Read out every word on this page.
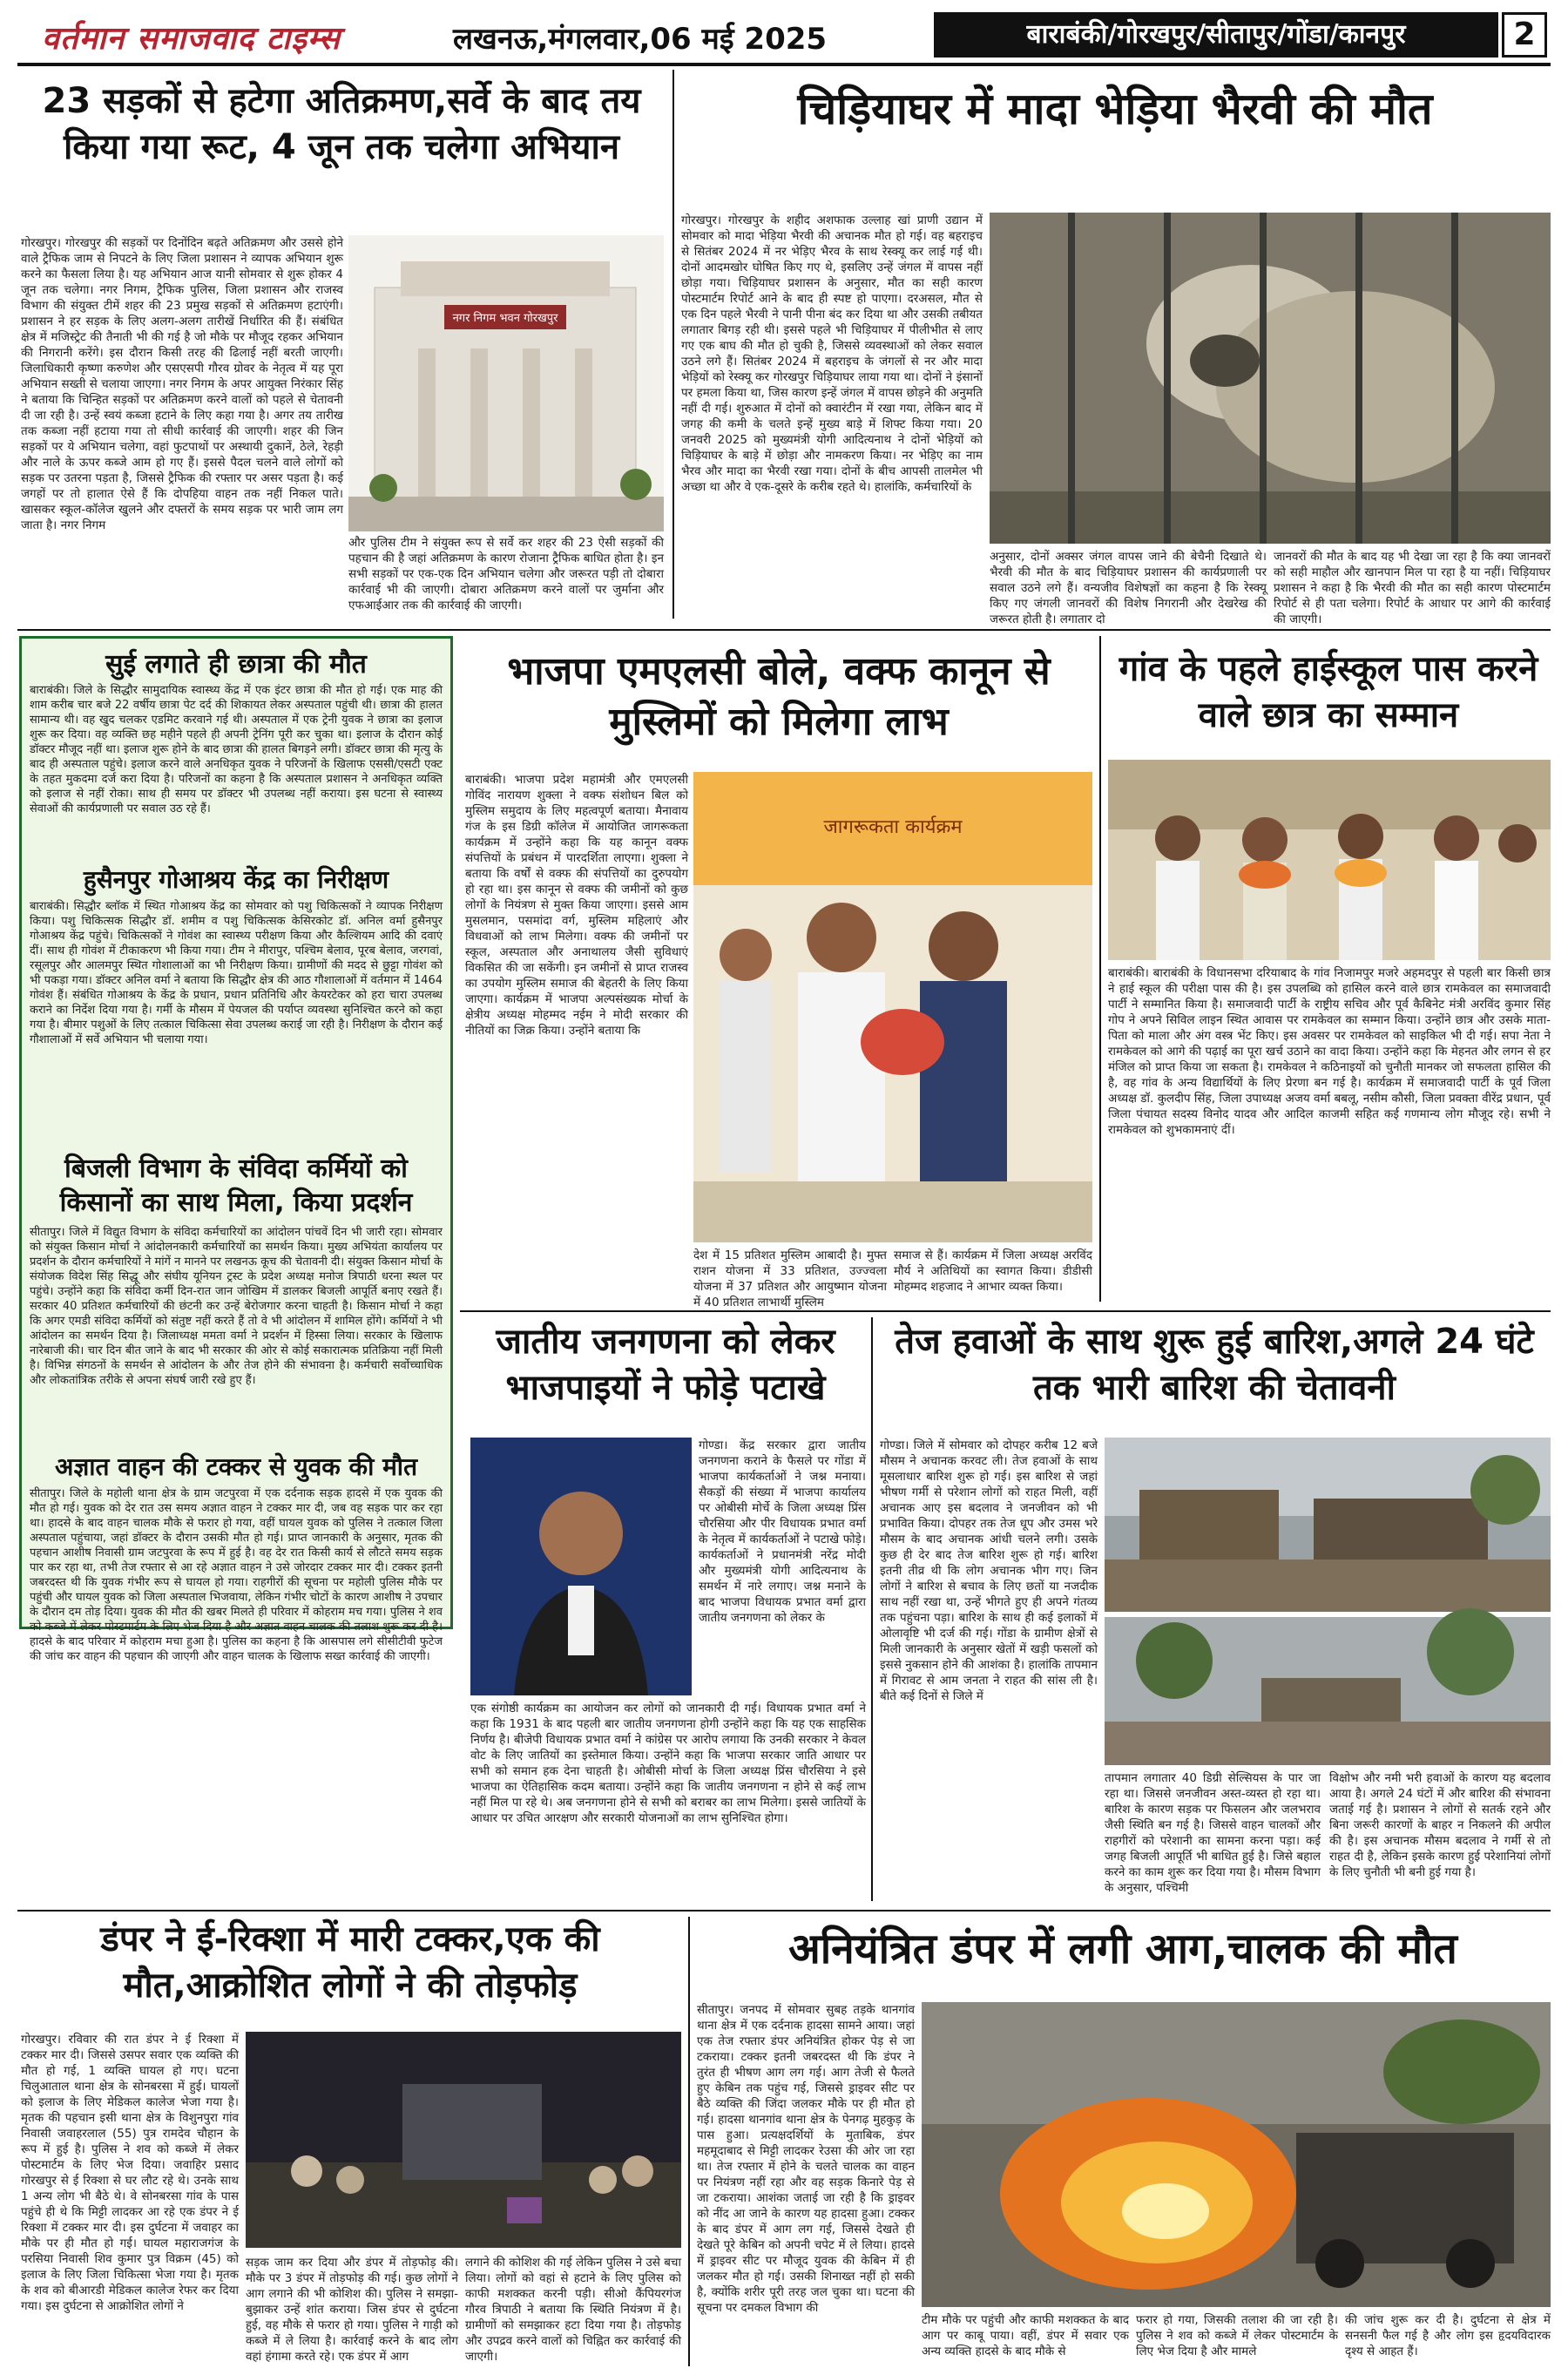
वर्तमान समाजवाद टाइम्स	लखनऊ,मंगलवार,06 मई 2025	बाराबंकी/गोरखपुर/सीतापुर/गोंडा/कानपुर	2
23 सड़कों से हटेगा अतिक्रमण,सर्वे के बाद तय किया गया रूट, 4 जून तक चलेगा अभियान
गोरखपुर। गोरखपुर की सड़कों पर दिनोंदिन बढ़ते अतिक्रमण और उससे होने वाले ट्रैफिक जाम से निपटने के लिए जिला प्रशासन ने व्यापक अभियान शुरू करने का फैसला लिया है। यह अभियान आज यानी सोमवार से शुरू होकर 4 जून तक चलेगा। नगर निगम, ट्रैफिक पुलिस, जिला प्रशासन और राजस्व विभाग की संयुक्त टीमें शहर की 23 प्रमुख सड़कों से अतिक्रमण हटाएंगी। प्रशासन ने हर सड़क के लिए अलग-अलग तारीखें निर्धारित की हैं। संबंधित क्षेत्र में मजिस्ट्रेट की तैनाती भी की गई है जो मौके पर मौजूद रहकर अभियान की निगरानी करेंगे। इस दौरान किसी तरह की ढिलाई नहीं बरती जाएगी। जिलाधिकारी कृष्णा करुणेश और एसएसपी गौरव ग्रोवर के नेतृत्व में यह पूरा अभियान सख्ती से चलाया जाएगा। नगर निगम के अपर आयुक्त निरंकार सिंह ने बताया कि चिन्हित सड़कों पर अतिक्रमण करने वालों को पहले से चेतावनी दी जा रही है। उन्हें स्वयं कब्जा हटाने के लिए कहा गया है। अगर तय तारीख तक कब्जा नहीं हटाया गया तो सीधी कार्रवाई की जाएगी। शहर की जिन सड़कों पर ये अभियान चलेगा, वहां फुटपाथों पर अस्थायी दुकानें, ठेले, रेहड़ी और नाले के ऊपर कब्जे आम हो गए हैं। इससे पैदल चलने वाले लोगों को सड़क पर उतरना पड़ता है, जिससे ट्रैफिक की रफ्तार पर असर पड़ता है। कई जगहों पर तो हालात ऐसे हैं कि दोपहिया वाहन तक नहीं निकल पाते। खासकर स्कूल-कॉलेज खुलने और दफ्तरों के समय सड़क पर भारी जाम लग जाता है। नगर निगम
नगर निगम भवन गोरखपुर
और पुलिस टीम ने संयुक्त रूप से सर्वे कर शहर की 23 ऐसी सड़कों की पहचान की है जहां अतिक्रमण के कारण रोजाना ट्रैफिक बाधित होता है। इन सभी सड़कों पर एक-एक दिन अभियान चलेगा और जरूरत पड़ी तो दोबारा कार्रवाई भी की जाएगी। दोबारा अतिक्रमण करने वालों पर जुर्माना और एफआईआर तक की कार्रवाई की जाएगी।
चिड़ियाघर में मादा भेड़िया भैरवी की मौत
गोरखपुर। गोरखपुर के शहीद अशफाक उल्लाह खां प्राणी उद्यान में सोमवार को मादा भेड़िया भैरवी की अचानक मौत हो गई। वह बहराइच से सितंबर 2024 में नर भेड़िए भैरव के साथ रेस्क्यू कर लाई गई थी। दोनों आदमखोर घोषित किए गए थे, इसलिए उन्हें जंगल में वापस नहीं छोड़ा गया। चिड़ियाघर प्रशासन के अनुसार, मौत का सही कारण पोस्टमार्टम रिपोर्ट आने के बाद ही स्पष्ट हो पाएगा। दरअसल, मौत से एक दिन पहले भैरवी ने पानी पीना बंद कर दिया था और उसकी तबीयत लगातार बिगड़ रही थी। इससे पहले भी चिड़ियाघर में पीलीभीत से लाए गए एक बाघ की मौत हो चुकी है, जिससे व्यवस्थाओं को लेकर सवाल उठने लगे हैं। सितंबर 2024 में बहराइच के जंगलों से नर और मादा भेड़ियों को रेस्क्यू कर गोरखपुर चिड़ियाघर लाया गया था। दोनों ने इंसानों पर हमला किया था, जिस कारण इन्हें जंगल में वापस छोड़ने की अनुमति नहीं दी गई। शुरुआत में दोनों को क्वारंटीन में रखा गया, लेकिन बाद में जगह की कमी के चलते इन्हें मुख्य बाड़े में शिफ्ट किया गया। 20 जनवरी 2025 को मुख्यमंत्री योगी आदित्यनाथ ने दोनों भेड़ियों को चिड़ियाघर के बाड़े में छोड़ा और नामकरण किया। नर भेड़िए का नाम भैरव और मादा का भैरवी रखा गया। दोनों के बीच आपसी तालमेल भी अच्छा था और वे एक-दूसरे के करीब रहते थे। हालांकि, कर्मचारियों के
अनुसार, दोनों अक्सर जंगल वापस जाने की बेचैनी दिखाते थे। भैरवी की मौत के बाद चिड़ियाघर प्रशासन की कार्यप्रणाली पर सवाल उठने लगे हैं। वन्यजीव विशेषज्ञों का कहना है कि रेस्क्यू किए गए जंगली जानवरों की विशेष निगरानी और देखरेख की जरूरत होती है। लगातार दो
जानवरों की मौत के बाद यह भी देखा जा रहा है कि क्या जानवरों को सही माहौल और खानपान मिल पा रहा है या नहीं। चिड़ियाघर प्रशासन ने कहा है कि भैरवी की मौत का सही कारण पोस्टमार्टम रिपोर्ट से ही पता चलेगा। रिपोर्ट के आधार पर आगे की कार्रवाई की जाएगी।
सुई लगाते ही छात्रा की मौत
बाराबंकी। जिले के सिद्धौर सामुदायिक स्वास्थ्य केंद्र में एक इंटर छात्रा की मौत हो गई। एक माह की शाम करीब चार बजे 22 वर्षीय छात्रा पेट दर्द की शिकायत लेकर अस्पताल पहुंची थी। छात्रा की हालत सामान्य थी। वह खुद चलकर एडमिट करवाने गई थी। अस्पताल में एक ट्रेनी युवक ने छात्रा का इलाज शुरू कर दिया। वह व्यक्ति छह महीने पहले ही अपनी ट्रेनिंग पूरी कर चुका था। इलाज के दौरान कोई डॉक्टर मौजूद नहीं था। इलाज शुरू होने के बाद छात्रा की हालत बिगड़ने लगी। डॉक्टर छात्रा की मृत्यु के बाद ही अस्पताल पहुंचे। इलाज करने वाले अनधिकृत युवक ने परिजनों के खिलाफ एससी/एसटी एक्ट के तहत मुकदमा दर्ज करा दिया है। परिजनों का कहना है कि अस्पताल प्रशासन ने अनधिकृत व्यक्ति को इलाज से नहीं रोका। साथ ही समय पर डॉक्टर भी उपलब्ध नहीं कराया। इस घटना से स्वास्थ्य सेवाओं की कार्यप्रणाली पर सवाल उठ रहे हैं।
हुसैनपुर गोआश्रय केंद्र का निरीक्षण
बाराबंकी। सिद्धौर ब्लॉक में स्थित गोआश्रय केंद्र का सोमवार को पशु चिकित्सकों ने व्यापक निरीक्षण किया। पशु चिकित्सक सिद्धौर डॉ. शमीम व पशु चिकित्सक केसिरकोट डॉ. अनिल वर्मा हुसैनपुर गोआश्रय केंद्र पहुंचे। चिकित्सकों ने गोवंश का स्वास्थ्य परीक्षण किया और कैल्शियम आदि की दवाएं दीं। साथ ही गोवंश में टीकाकरण भी किया गया। टीम ने मीरापुर, पश्चिम बेलाव, पूरब बेलाव, जरगवां, रसूलपुर और आलमपुर स्थित गोशालाओं का भी निरीक्षण किया। ग्रामीणों की मदद से छुट्टा गोवंश को भी पकड़ा गया। डॉक्टर अनिल वर्मा ने बताया कि सिद्धौर क्षेत्र की आठ गौशालाओं में वर्तमान में 1464 गोवंश हैं। संबंधित गोआश्रय के केंद्र के प्रधान, प्रधान प्रतिनिधि और केयरटेकर को हरा चारा उपलब्ध कराने का निर्देश दिया गया है। गर्मी के मौसम में पेयजल की पर्याप्त व्यवस्था सुनिश्चित करने को कहा गया है। बीमार पशुओं के लिए तत्काल चिकित्सा सेवा उपलब्ध कराई जा रही है। निरीक्षण के दौरान कई गौशालाओं में सर्वे अभियान भी चलाया गया।
बिजली विभाग के संविदा कर्मियों को किसानों का साथ मिला, किया प्रदर्शन
सीतापुर। जिले में विद्युत विभाग के संविदा कर्मचारियों का आंदोलन पांचवें दिन भी जारी रहा। सोमवार को संयुक्त किसान मोर्चा ने आंदोलनकारी कर्मचारियों का समर्थन किया। मुख्य अभियंता कार्यालय पर प्रदर्शन के दौरान कर्मचारियों ने मांगें न मानने पर लखनऊ कूच की चेतावनी दी। संयुक्त किसान मोर्चा के संयोजक विदेश सिंह सिद्धू और संघीय यूनियन ट्रस्ट के प्रदेश अध्यक्ष मनोज त्रिपाठी धरना स्थल पर पहुंचे। उन्होंने कहा कि संविदा कर्मी दिन-रात जान जोखिम में डालकर बिजली आपूर्ति बनाए रखते हैं। सरकार 40 प्रतिशत कर्मचारियों की छंटनी कर उन्हें बेरोजगार करना चाहती है। किसान मोर्चा ने कहा कि अगर एमडी संविदा कर्मियों को संतुष्ट नहीं करते हैं तो वे भी आंदोलन में शामिल होंगे। कर्मियों ने भी आंदोलन का समर्थन दिया है। जिलाध्यक्ष ममता वर्मा ने प्रदर्शन में हिस्सा लिया। सरकार के खिलाफ नारेबाजी की। चार दिन बीत जाने के बाद भी सरकार की ओर से कोई सकारात्मक प्रतिक्रिया नहीं मिली है। विभिन्न संगठनों के समर्थन से आंदोलन के और तेज होने की संभावना है। कर्मचारी सर्वोच्चाधिक और लोकतांत्रिक तरीके से अपना संघर्ष जारी रखे हुए हैं।
अज्ञात वाहन की टक्कर से युवक की मौत
सीतापुर। जिले के महोली थाना क्षेत्र के ग्राम जटपुरवा में एक दर्दनाक सड़क हादसे में एक युवक की मौत हो गई। युवक को देर रात उस समय अज्ञात वाहन ने टक्कर मार दी, जब वह सड़क पार कर रहा था। हादसे के बाद वाहन चालक मौके से फरार हो गया, वहीं घायल युवक को पुलिस ने तत्काल जिला अस्पताल पहुंचाया, जहां डॉक्टर के दौरान उसकी मौत हो गई। प्राप्त जानकारी के अनुसार, मृतक की पहचान आशीष निवासी ग्राम जटपुरवा के रूप में हुई है। वह देर रात किसी कार्य से लौटते समय सड़क पार कर रहा था, तभी तेज रफ्तार से आ रहे अज्ञात वाहन ने उसे जोरदार टक्कर मार दी। टक्कर इतनी जबरदस्त थी कि युवक गंभीर रूप से घायल हो गया। राहगीरों की सूचना पर महोली पुलिस मौके पर पहुंची और घायल युवक को जिला अस्पताल भिजवाया, लेकिन गंभीर चोटों के कारण आशीष ने उपचार के दौरान दम तोड़ दिया। युवक की मौत की खबर मिलते ही परिवार में कोहराम मच गया। पुलिस ने शव को कब्जे में लेकर पोस्टमार्टम के लिए भेज दिया है और अज्ञात वाहन चालक की तलाश शुरू कर दी है। हादसे के बाद परिवार में कोहराम मचा हुआ है। पुलिस का कहना है कि आसपास लगे सीसीटीवी फुटेज की जांच कर वाहन की पहचान की जाएगी और वाहन चालक के खिलाफ सख्त कार्रवाई की जाएगी।
भाजपा एमएलसी बोले, वक्फ कानून से मुस्लिमों को मिलेगा लाभ
बाराबंकी। भाजपा प्रदेश महामंत्री और एमएलसी गोविंद नारायण शुक्ला ने वक्फ संशोधन बिल को मुस्लिम समुदाय के लिए महत्वपूर्ण बताया। मैनावाय गंज के इस डिग्री कॉलेज में आयोजित जागरूकता कार्यक्रम में उन्होंने कहा कि यह कानून वक्फ संपत्तियों के प्रबंधन में पारदर्शिता लाएगा। शुक्ला ने बताया कि वर्षों से वक्फ की संपत्तियों का दुरुपयोग हो रहा था। इस कानून से वक्फ की जमीनों को कुछ लोगों के नियंत्रण से मुक्त किया जाएगा। इससे आम मुसलमान, पसमांदा वर्ग, मुस्लिम महिलाएं और विधवाओं को लाभ मिलेगा। वक्फ की जमीनों पर स्कूल, अस्पताल और अनाथालय जैसी सुविधाएं विकसित की जा सकेंगी। इन जमीनों से प्राप्त राजस्व का उपयोग मुस्लिम समाज की बेहतरी के लिए किया जाएगा। कार्यक्रम में भाजपा अल्पसंख्यक मोर्चा के क्षेत्रीय अध्यक्ष मोहम्मद नईम ने मोदी सरकार की नीतियों का जिक्र किया। उन्होंने बताया कि
जागरूकता कार्यक्रम
देश में 15 प्रतिशत मुस्लिम आबादी है। मुफ्त राशन योजना में 33 प्रतिशत, उज्ज्वला योजना में 37 प्रतिशत और आयुष्मान योजना में 40 प्रतिशत लाभार्थी मुस्लिम
समाज से हैं। कार्यक्रम में जिला अध्यक्ष अरविंद मौर्य ने अतिथियों का स्वागत किया। डीडीसी मोहम्मद शहजाद ने आभार व्यक्त किया।
गांव के पहले हाईस्कूल पास करने वाले छात्र का सम्मान
बाराबंकी। बाराबंकी के विधानसभा दरियाबाद के गांव निजामपुर मजरे अहमदपुर से पहली बार किसी छात्र ने हाई स्कूल की परीक्षा पास की है। इस उपलब्धि को हासिल करने वाले छात्र रामकेवल का समाजवादी पार्टी ने सम्मानित किया है। समाजवादी पार्टी के राष्ट्रीय सचिव और पूर्व कैबिनेट मंत्री अरविंद कुमार सिंह गोप ने अपने सिविल लाइन स्थित आवास पर रामकेवल का सम्मान किया। उन्होंने छात्र और उसके माता-पिता को माला और अंग वस्त्र भेंट किए। इस अवसर पर रामकेवल को साइकिल भी दी गई। सपा नेता ने रामकेवल को आगे की पढ़ाई का पूरा खर्च उठाने का वादा किया। उन्होंने कहा कि मेहनत और लगन से हर मंजिल को प्राप्त किया जा सकता है। रामकेवल ने कठिनाइयों को चुनौती मानकर जो सफलता हासिल की है, वह गांव के अन्य विद्यार्थियों के लिए प्रेरणा बन गई है। कार्यक्रम में समाजवादी पार्टी के पूर्व जिला अध्यक्ष डॉ. कुलदीप सिंह, जिला उपाध्यक्ष अजय वर्मा बबलू, नसीम कौसी, जिला प्रवक्ता वीरेंद्र प्रधान, पूर्व जिला पंचायत सदस्य विनोद यादव और आदिल काजमी सहित कई गणमान्य लोग मौजूद रहे। सभी ने रामकेवल को शुभकामनाएं दीं।
जातीय जनगणना को लेकर भाजपाइयों ने फोड़े पटाखे
गोण्डा। केंद्र सरकार द्वारा जातीय जनगणना कराने के फैसले पर गोंडा में भाजपा कार्यकर्ताओं ने जश्न मनाया। सैकड़ों की संख्या में भाजपा कार्यालय पर ओबीसी मोर्चे के जिला अध्यक्ष प्रिंस चौरसिया और पीर विधायक प्रभात वर्मा के नेतृत्व में कार्यकर्ताओं ने पटाखे फोड़े। कार्यकर्ताओं ने प्रधानमंत्री नरेंद्र मोदी और मुख्यमंत्री योगी आदित्यनाथ के समर्थन में नारे लगाए। जश्न मनाने के बाद भाजपा विधायक प्रभात वर्मा द्वारा जातीय जनगणना को लेकर के
एक संगोष्ठी कार्यक्रम का आयोजन कर लोगों को जानकारी दी गई। विधायक प्रभात वर्मा ने कहा कि 1931 के बाद पहली बार जातीय जनगणना होगी उन्होंने कहा कि यह एक साहसिक निर्णय है। बीजेपी विधायक प्रभात वर्मा ने कांग्रेस पर आरोप लगाया कि उनकी सरकार ने केवल वोट के लिए जातियों का इस्तेमाल किया। उन्होंने कहा कि भाजपा सरकार जाति आधार पर सभी को समान हक देना चाहती है। ओबीसी मोर्चा के जिला अध्यक्ष प्रिंस चौरसिया ने इसे भाजपा का ऐतिहासिक कदम बताया। उन्होंने कहा कि जातीय जनगणना न होने से कई लाभ नहीं मिल पा रहे थे। अब जनगणना होने से सभी को बराबर का लाभ मिलेगा। इससे जातियों के आधार पर उचित आरक्षण और सरकारी योजनाओं का लाभ सुनिश्चित होगा।
तेज हवाओं के साथ शुरू हुई बारिश,अगले 24 घंटे तक भारी बारिश की चेतावनी
गोण्डा। जिले में सोमवार को दोपहर करीब 12 बजे मौसम ने अचानक करवट ली। तेज हवाओं के साथ मूसलाधार बारिश शुरू हो गई। इस बारिश से जहां भीषण गर्मी से परेशान लोगों को राहत मिली, वहीं अचानक आए इस बदलाव ने जनजीवन को भी प्रभावित किया। दोपहर तक तेज धूप और उमस भरे मौसम के बाद अचानक आंधी चलने लगी। उसके कुछ ही देर बाद तेज बारिश शुरू हो गई। बारिश इतनी तीव्र थी कि लोग अचानक भीग गए। जिन लोगों ने बारिश से बचाव के लिए छतों या नजदीक साथ नहीं रखा था, उन्हें भीगते हुए ही अपने गंतव्य तक पहुंचना पड़ा। बारिश के साथ ही कई इलाकों में ओलावृष्टि भी दर्ज की गई। गोंडा के ग्रामीण क्षेत्रों से मिली जानकारी के अनुसार खेतों में खड़ी फसलों को इससे नुकसान होने की आशंका है। हालांकि तापमान में गिरावट से आम जनता ने राहत की सांस ली है। बीते कई दिनों से जिले में
तापमान लगातार 40 डिग्री सेल्सियस के पार जा रहा था। जिससे जनजीवन अस्त-व्यस्त हो रहा था। बारिश के कारण सड़क पर फिसलन और जलभराव जैसी स्थिति बन गई है। जिससे वाहन चालकों और राहगीरों को परेशानी का सामना करना पड़ा। कई जगह बिजली आपूर्ति भी बाधित हुई है। जिसे बहाल करने का काम शुरू कर दिया गया है। मौसम विभाग के अनुसार, पश्चिमी
विक्षोभ और नमी भरी हवाओं के कारण यह बदलाव आया है। अगले 24 घंटों में और बारिश की संभावना जताई गई है। प्रशासन ने लोगों से सतर्क रहने और बिना जरूरी कारणों के बाहर न निकलने की अपील की है। इस अचानक मौसम बदलाव ने गर्मी से तो राहत दी है, लेकिन इसके कारण हुई परेशानियां लोगों के लिए चुनौती भी बनी हुई गया है।
डंपर ने ई-रिक्शा में मारी टक्कर,एक की मौत,आक्रोशित लोगों ने की तोड़फोड़
गोरखपुर। रविवार की रात डंपर ने ई रिक्शा में टक्कर मार दी। जिससे उसपर सवार एक व्यक्ति की मौत हो गई, 1 व्यक्ति घायल हो गए। घटना चिलुआताल थाना क्षेत्र के सोनबरसा में हुई। घायलों को इलाज के लिए मेडिकल कालेज भेजा गया है। मृतक की पहचान इसी थाना क्षेत्र के विशुनपुरा गांव निवासी जवाहरलाल (55) पुत्र रामदेव चौहान के रूप में हुई है। पुलिस ने शव को कब्जे में लेकर पोस्टमार्टम के लिए भेज दिया। जवाहिर प्रसाद गोरखपुर से ई रिक्शा से घर लौट रहे थे। उनके साथ 1 अन्य लोग भी बैठे थे। वे सोनबरसा गांव के पास पहुंचे ही थे कि मिट्टी लादकर आ रहे एक डंपर ने ई रिक्शा में टक्कर मार दी। इस दुर्घटना में जवाहर का मौके पर ही मौत हो गई। घायल महाराजगंज के परसिया निवासी शिव कुमार पुत्र विक्रम (45) को इलाज के लिए जिला चिकित्सा भेजा गया है। मृतक के शव को बीआरडी मेडिकल कालेज रेफर कर दिया गया। इस दुर्घटना से आक्रोशित लोगों ने
सड़क जाम कर दिया और डंपर में तोड़फोड़ की। मौके पर 3 डंपर में तोड़फोड़ की गई। कुछ लोगों ने आग लगाने की भी कोशिश की। पुलिस ने समझा-बुझाकर उन्हें शांत कराया। जिस डंपर से दुर्घटना हुई, वह मौके से फरार हो गया। पुलिस ने गाड़ी को कब्जे में ले लिया है। कार्रवाई करने के बाद लोग वहां हंगामा करते रहे। एक डंपर में आग
लगाने की कोशिश की गई लेकिन पुलिस ने उसे बचा लिया। लोगों को वहां से हटाने के लिए पुलिस को काफी मशक्कत करनी पड़ी। सीओ कैंपियरगंज गौरव त्रिपाठी ने बताया कि स्थिति नियंत्रण में है। ग्रामीणों को समझाकर हटा दिया गया है। तोड़फोड़ और उपद्रव करने वालों को चिह्नित कर कार्रवाई की जाएगी।
अनियंत्रित डंपर में लगी आग,चालक की मौत
सीतापुर। जनपद में सोमवार सुबह तड़के थानगांव थाना क्षेत्र में एक दर्दनाक हादसा सामने आया। जहां एक तेज रफ्तार डंपर अनियंत्रित होकर पेड़ से जा टकराया। टक्कर इतनी जबरदस्त थी कि डंपर ने तुरंत ही भीषण आग लग गई। आग तेजी से फैलते हुए केबिन तक पहुंच गई, जिससे ड्राइवर सीट पर बैठे व्यक्ति की जिंदा जलकर मौके पर ही मौत हो गई। हादसा थानगांव थाना क्षेत्र के पेनगढ़ मुहकुड़ के पास हुआ। प्रत्यक्षदर्शियों के मुताबिक, डंपर महमूदाबाद से मिट्टी लादकर रेउसा की ओर जा रहा था। तेज रफ्तार में होने के चलते चालक का वाहन पर नियंत्रण नहीं रहा और वह सड़क किनारे पेड़ से जा टकराया। आशंका जताई जा रही है कि ड्राइवर को नींद आ जाने के कारण यह हादसा हुआ। टक्कर के बाद डंपर में आग लग गई, जिससे देखते ही देखते पूरे केबिन को अपनी चपेट में ले लिया। हादसे में ड्राइवर सीट पर मौजूद युवक की केबिन में ही जलकर मौत हो गई। उसकी शिनाख्त नहीं हो सकी है, क्योंकि शरीर पूरी तरह जल चुका था। घटना की सूचना पर दमकल विभाग की
टीम मौके पर पहुंची और काफी मशक्कत के बाद आग पर काबू पाया। वहीं, डंपर में सवार एक अन्य व्यक्ति हादसे के बाद मौके से
फरार हो गया, जिसकी तलाश की जा रही है। पुलिस ने शव को कब्जे में लेकर पोस्टमार्टम के लिए भेज दिया है और मामले
की जांच शुरू कर दी है। दुर्घटना से क्षेत्र में सनसनी फैल गई है और लोग इस हृदयविदारक दृश्य से आहत हैं।
